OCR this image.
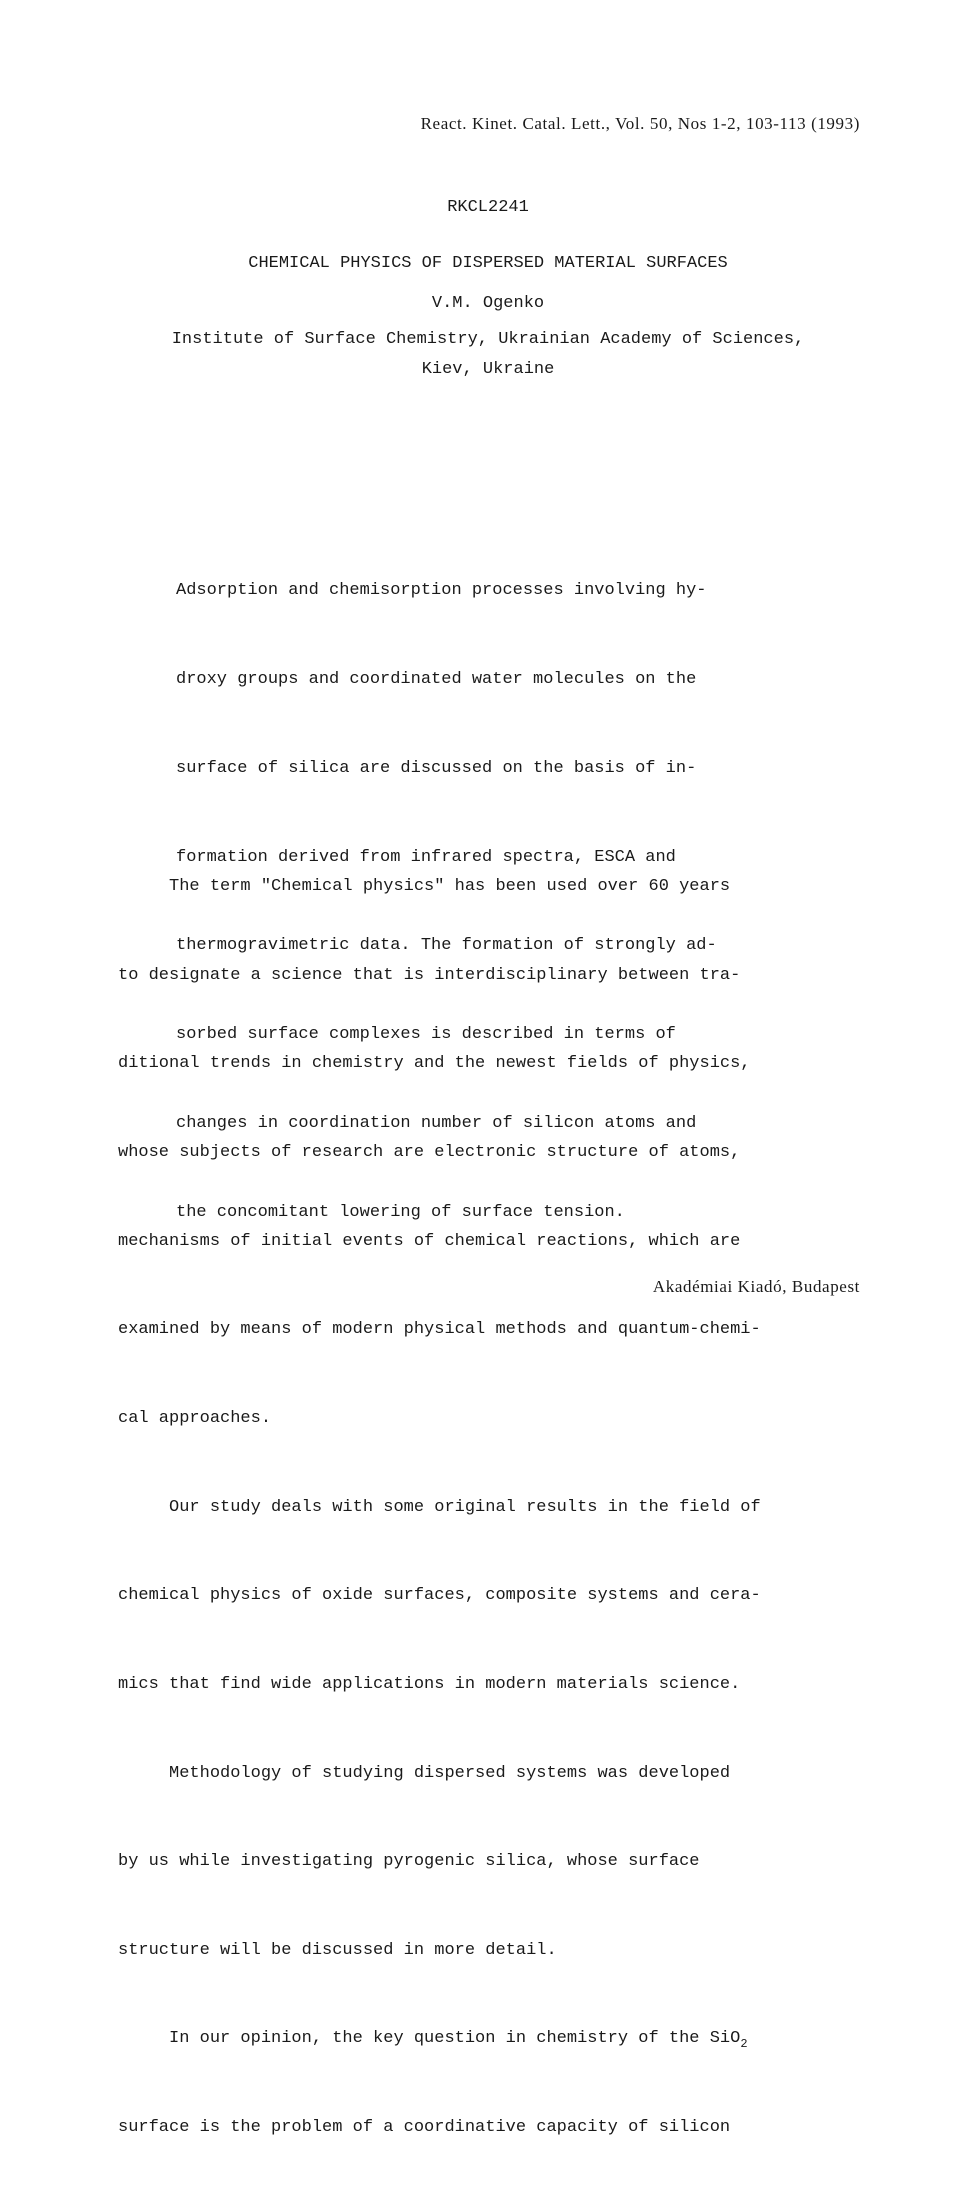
React. Kinet. Catal. Lett., Vol. 50, Nos 1-2, 103-113 (1993)
RKCL2241
CHEMICAL PHYSICS OF DISPERSED MATERIAL SURFACES
V.M. Ogenko
Institute of Surface Chemistry, Ukrainian Academy of Sciences,
Kiev, Ukraine

Adsorption and chemisorption processes involving hy-

droxy groups and coordinated water molecules on the

surface of silica are discussed on the basis of in-

formation derived from infrared spectra, ESCA and

thermogravimetric data. The formation of strongly ad-

sorbed surface complexes is described in terms of

changes in coordination number of silicon atoms and

the concomitant lowering of surface tension.

The term "Chemical physics" has been used over 60 years

to designate a science that is interdisciplinary between tra-

ditional trends in chemistry and the newest fields of physics,

whose subjects of research are electronic structure of atoms,

mechanisms of initial events of chemical reactions, which are

examined by means of modern physical methods and quantum-chemi-

cal approaches.

Our study deals with some original results in the field of

chemical physics of oxide surfaces, composite systems and cera-

mics that find wide applications in modern materials science.

Methodology of studying dispersed systems was developed

by us while investigating pyrogenic silica, whose surface

structure will be discussed in more detail.

In our opinion, the key question in chemistry of the SiO$_2$

surface is the problem of a coordinative capacity of silicon

Akadémiai Kiadó, Budapest
